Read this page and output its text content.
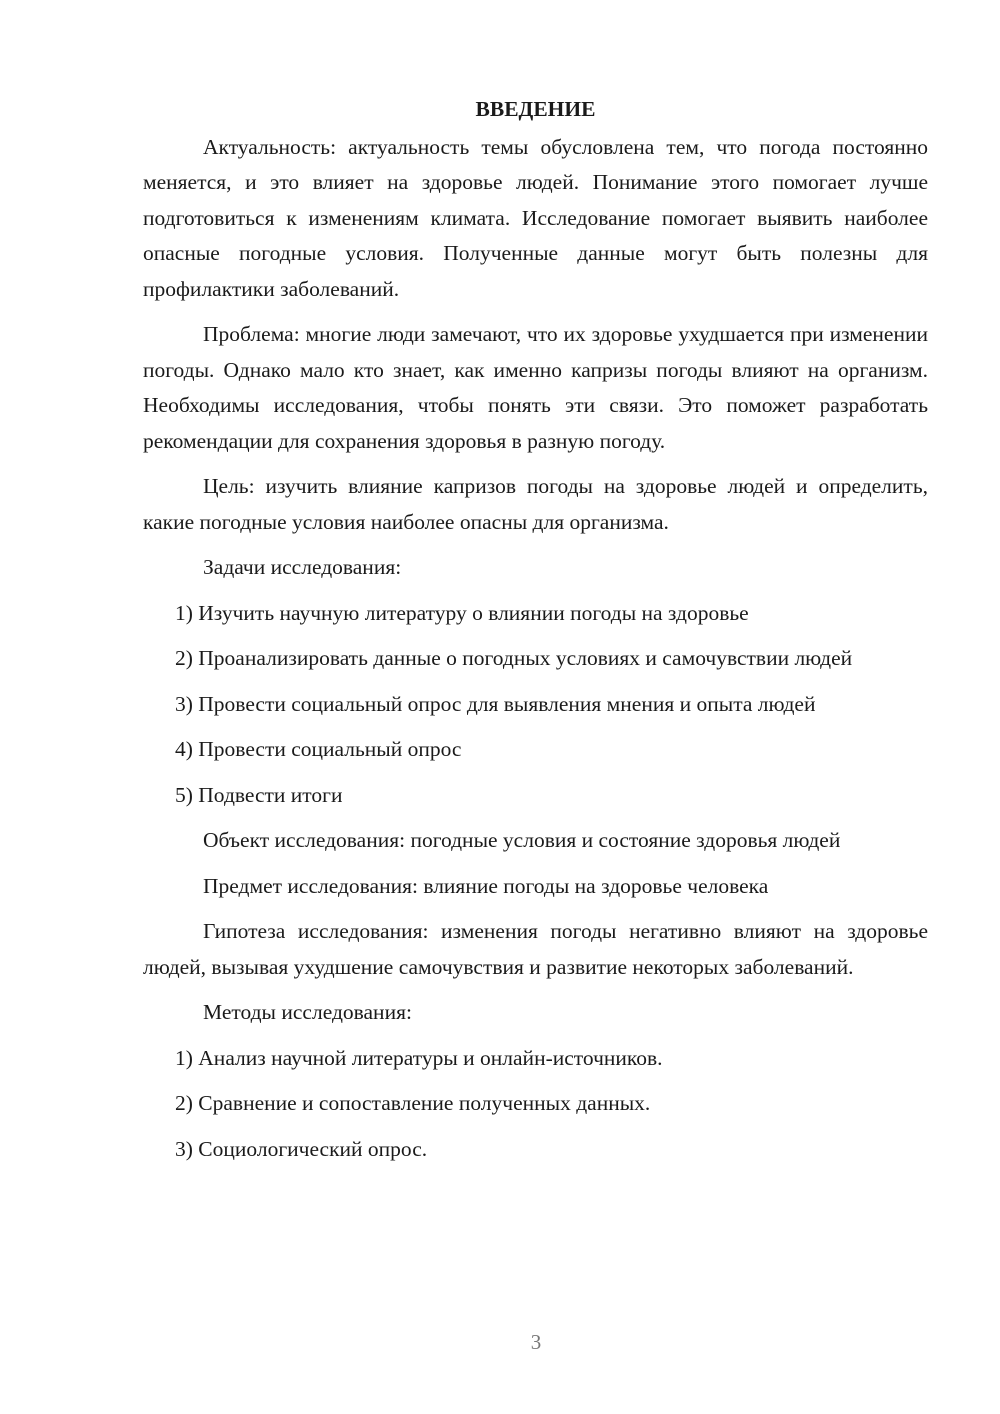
ВВЕДЕНИЕ

Актуальность: актуальность темы обусловлена тем, что погода постоянно меняется, и это влияет на здоровье людей. Понимание этого помогает лучше подготовиться к изменениям климата. Исследование помогает выявить наиболее опасные погодные условия. Полученные данные могут быть полезны для профилактики заболеваний.

Проблема: многие люди замечают, что их здоровье ухудшается при изменении погоды. Однако мало кто знает, как именно капризы погоды влияют на организм. Необходимы исследования, чтобы понять эти связи. Это поможет разработать рекомендации для сохранения здоровья в разную погоду.

Цель: изучить влияние капризов погоды на здоровье людей и определить, какие погодные условия наиболее опасны для организма.

Задачи исследования:

1) Изучить научную литературу о влиянии погоды на здоровье

2) Проанализировать данные о погодных условиях и самочувствии людей

3) Провести социальный опрос для выявления мнения и опыта людей

4) Провести социальный опрос

5) Подвести итоги

Объект исследования: погодные условия и состояние здоровья людей

Предмет исследования: влияние погоды на здоровье человека

Гипотеза исследования: изменения погоды негативно влияют на здоровье людей, вызывая ухудшение самочувствия и развитие некоторых заболеваний.

Методы исследования:

1) Анализ научной литературы и онлайн-источников.

2) Сравнение и сопоставление полученных данных.

3) Социологический опрос.

3
